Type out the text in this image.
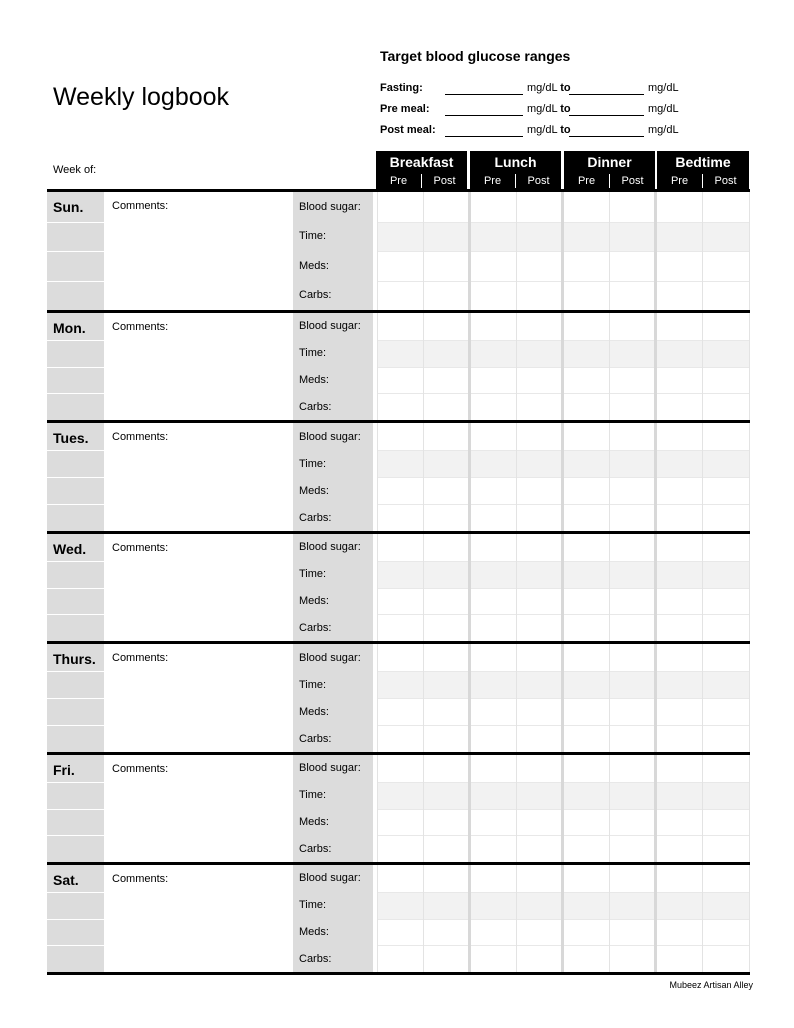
Weekly logbook
Target blood glucose ranges
Fasting:	mg/dL to	mg/dL
Pre meal:	mg/dL to	mg/dL
Post meal:	mg/dL to	mg/dL
Week of:	Breakfast
Pre	Post
Lunch
Pre	Post
Dinner
Pre	Post
Bedtime
Pre	Post
Sun.	Comments:	Blood sugar:
Time:
Meds:
Carbs:
Mon. Comments:	Blood sugar:
Time:
Meds:
Carbs:
Tues. Comments:	Blood sugar:
Time:
Meds:
Carbs:
Wed. Comments:	Blood sugar:
Time:
Meds:
Carbs:
Thurs. Comments:	Blood sugar:
Time:
Meds:
Carbs:
Fri.	Comments:	Blood sugar:
Time:
Meds:
Carbs:
Sat.	Comments:	Blood sugar:
Time:
Meds:
Carbs:
Mubeez Artisan Alley
